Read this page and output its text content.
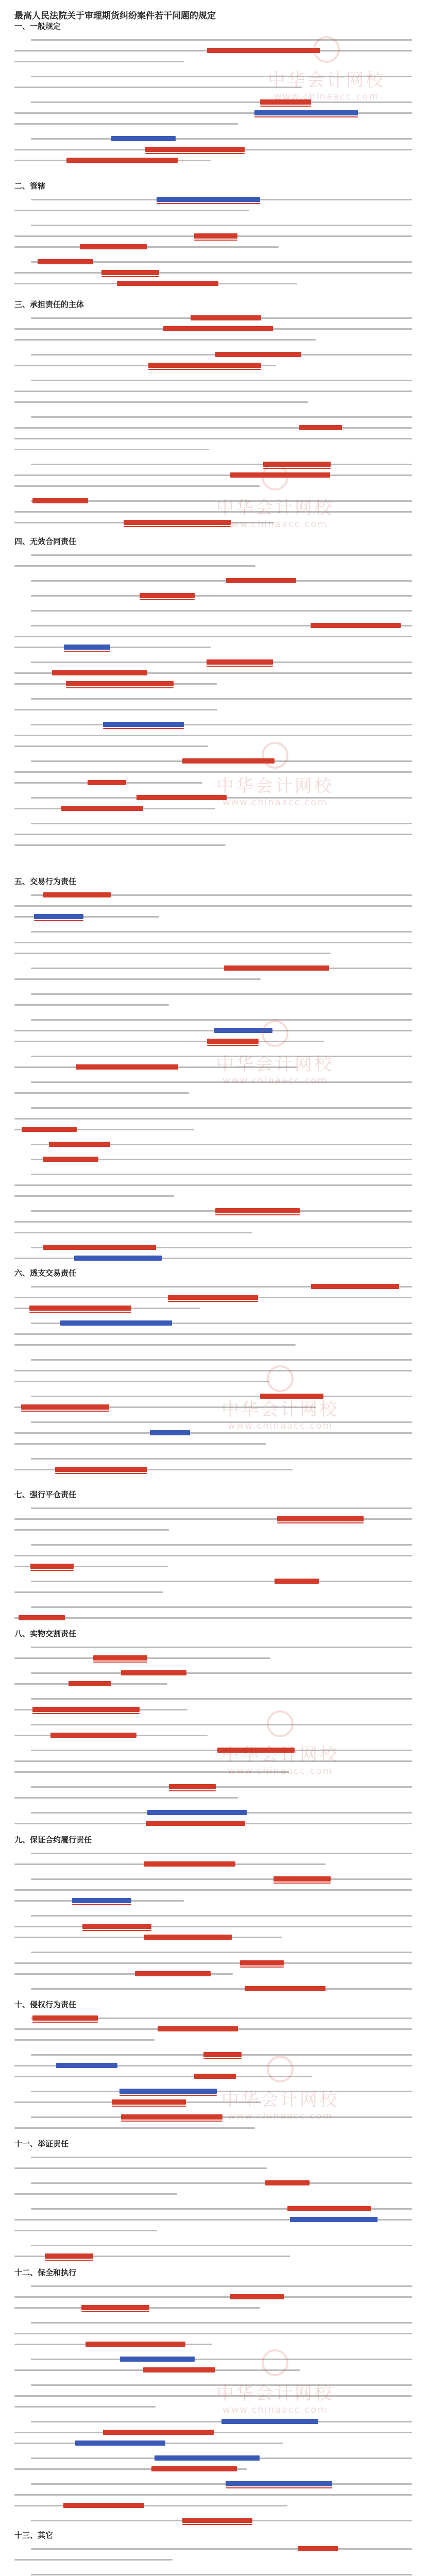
最高人民法院关于审理期货纠纷案件若干问题的规定
一、一般规定
二、管辖
三、承担责任的主体
四、无效合同责任
五、交易行为责任
六、透支交易责任
七、强行平仓责任
八、实物交割责任
九、保证合约履行责任
十、侵权行为责任
十一、举证责任
十二、保全和执行
十三、其它
中华会计网校
www.chinaacc.com
中华会计网校
www.chinaacc.com
中华会计网校
www.chinaacc.com
中华会计网校
www.chinaacc.com
中华会计网校
www.chinaacc.com
中华会计网校
www.chinaacc.com
中华会计网校
www.chinaacc.com
中华会计网校
www.chinaacc.com
